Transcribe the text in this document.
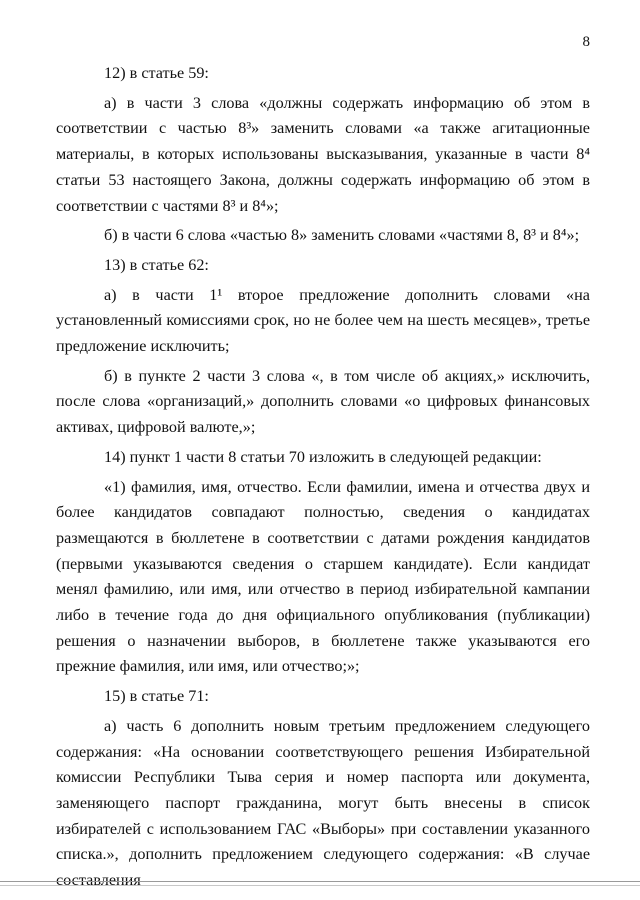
8

12) в статье 59:

а) в части 3 слова «должны содержать информацию об этом в соответствии с частью 8³» заменить словами «а также агитационные материалы, в которых использованы высказывания, указанные в части 8⁴ статьи 53 настоящего Закона, должны содержать информацию об этом в соответствии с частями 8³ и 8⁴»;

б) в части 6 слова «частью 8» заменить словами «частями 8, 8³ и 8⁴»;

13) в статье 62:

а) в части 1¹ второе предложение дополнить словами «на установленный комиссиями срок, но не более чем на шесть месяцев», третье предложение исключить;

б) в пункте 2 части 3 слова «, в том числе об акциях,» исключить, после слова «организаций,» дополнить словами «о цифровых финансовых активах, цифровой валюте,»;

14) пункт 1 части 8 статьи 70 изложить в следующей редакции:

«1) фамилия, имя, отчество. Если фамилии, имена и отчества двух и более кандидатов совпадают полностью, сведения о кандидатах размещаются в бюллетене в соответствии с датами рождения кандидатов (первыми указываются сведения о старшем кандидате). Если кандидат менял фамилию, или имя, или отчество в период избирательной кампании либо в течение года до дня официального опубликования (публикации) решения о назначении выборов, в бюллетене также указываются его прежние фамилия, или имя, или отчество;»;

15) в статье 71:

а) часть 6 дополнить новым третьим предложением следующего содержания: «На основании соответствующего решения Избирательной комиссии Республики Тыва серия и номер паспорта или документа, заменяющего паспорт гражданина, могут быть внесены в список избирателей с использованием ГАС «Выборы» при составлении указанного списка.», дополнить предложением следующего содержания: «В случае составления
